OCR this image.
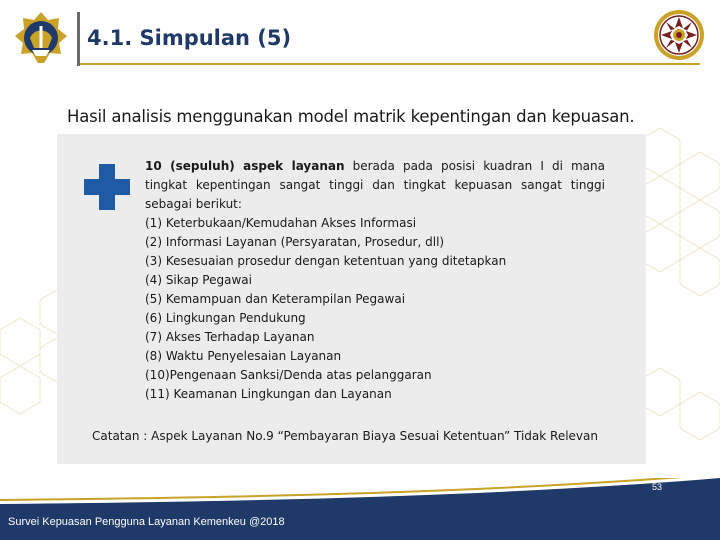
4.1. Simpulan (5)
Hasil analisis menggunakan model matrik kepentingan dan kepuasan.

10 (sepuluh) aspek layanan berada pada posisi kuadran I di mana tingkat kepentingan sangat tinggi dan tingkat kepuasan sangat tinggi sebagai berikut:

(1) Keterbukaan/Kemudahan Akses Informasi
(2) Informasi Layanan (Persyaratan, Prosedur, dll)
(3) Kesesuaian prosedur dengan ketentuan yang ditetapkan
(4) Sikap Pegawai
(5) Kemampuan dan Keterampilan Pegawai
(6) Lingkungan Pendukung
(7) Akses Terhadap Layanan
(8) Waktu Penyelesaian Layanan
(10)Pengenaan Sanksi/Denda atas pelanggaran
(11) Keamanan Lingkungan dan Layanan
Catatan : Aspek Layanan No.9 “Pembayaran Biaya Sesuai Ketentuan” Tidak Relevan
Survei Kepuasan Pengguna Layanan Kemenkeu @2018
53
